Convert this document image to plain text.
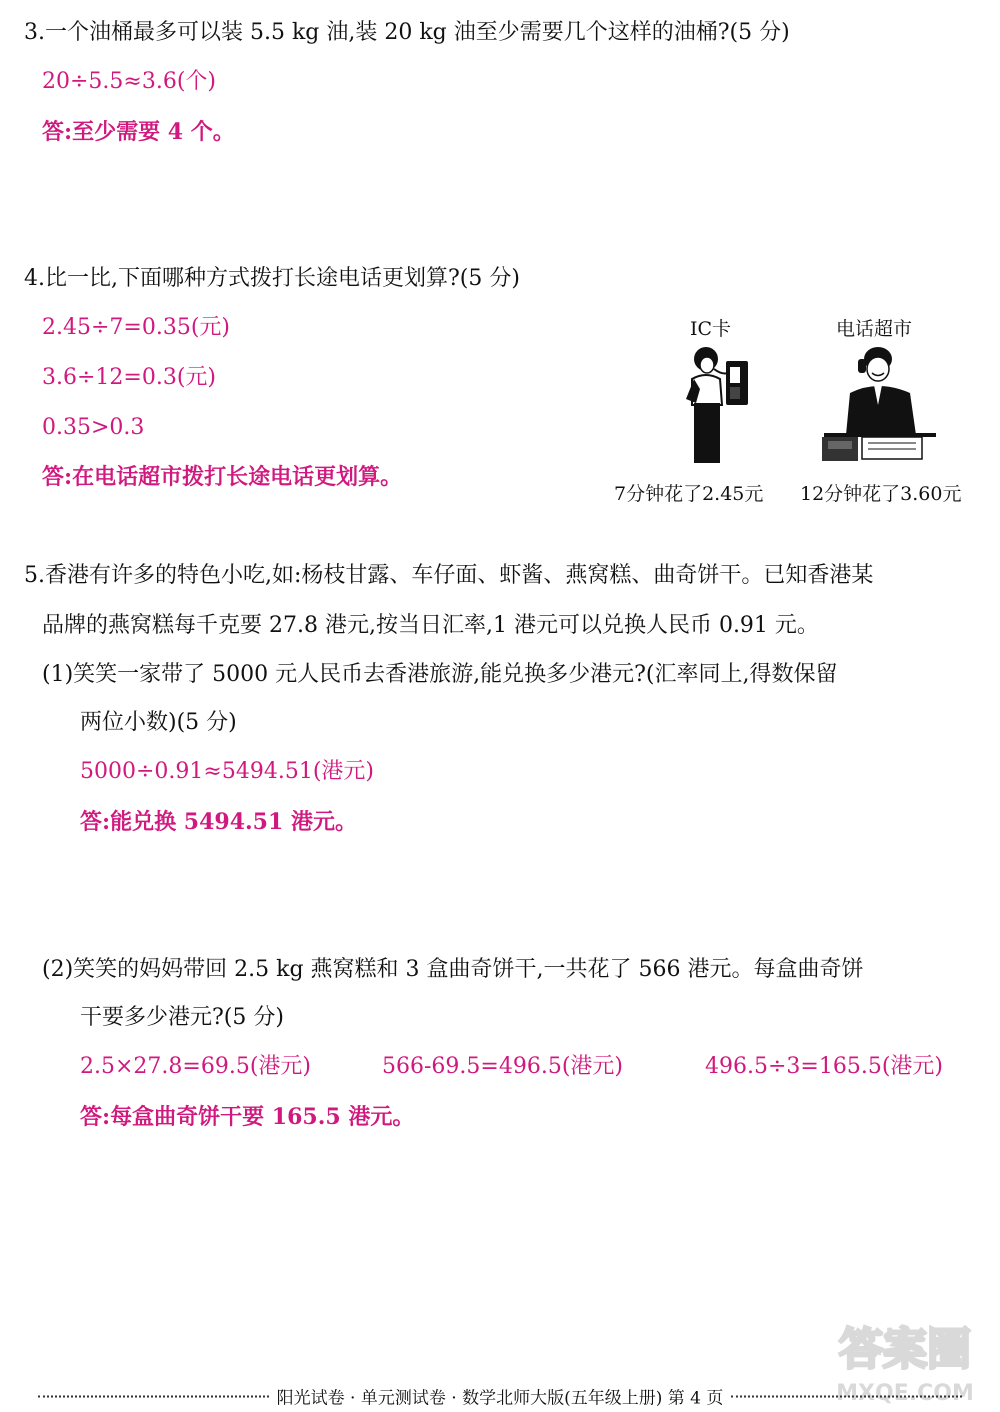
3.一个油桶最多可以装 5.5 kg 油,装 20 kg 油至少需要几个这样的油桶?(5 分)
20÷5.5≈3.6(个)
答:至少需要 4 个。
4.比一比,下面哪种方式拨打长途电话更划算?(5 分)
2.45÷7=0.35(元)
3.6÷12=0.3(元)
0.35>0.3
答:在电话超市拨打长途电话更划算。
IC卡	电话超市
7分钟花了2.45元 12分钟花了3.60元
5.香港有许多的特色小吃,如:杨枝甘露、车仔面、虾酱、燕窝糕、曲奇饼干。已知香港某
品牌的燕窝糕每千克要 27.8 港元,按当日汇率,1 港元可以兑换人民币 0.91 元。
(1)笑笑一家带了 5000 元人民币去香港旅游,能兑换多少港元?(汇率同上,得数保留
两位小数)(5 分)
5000÷0.91≈5494.51(港元)
答:能兑换 5494.51 港元。
(2)笑笑的妈妈带回 2.5 kg 燕窝糕和 3 盒曲奇饼干,一共花了 566 港元。每盒曲奇饼
干要多少港元?(5 分)
2.5×27.8=69.5(港元)	566-69.5=496.5(港元)	496.5÷3=165.5(港元)
答:每盒曲奇饼干要 165.5 港元。
答案圈
MXQE.COM
阳光试卷 · 单元测试卷 · 数学北师大版(五年级上册) 第 4 页
